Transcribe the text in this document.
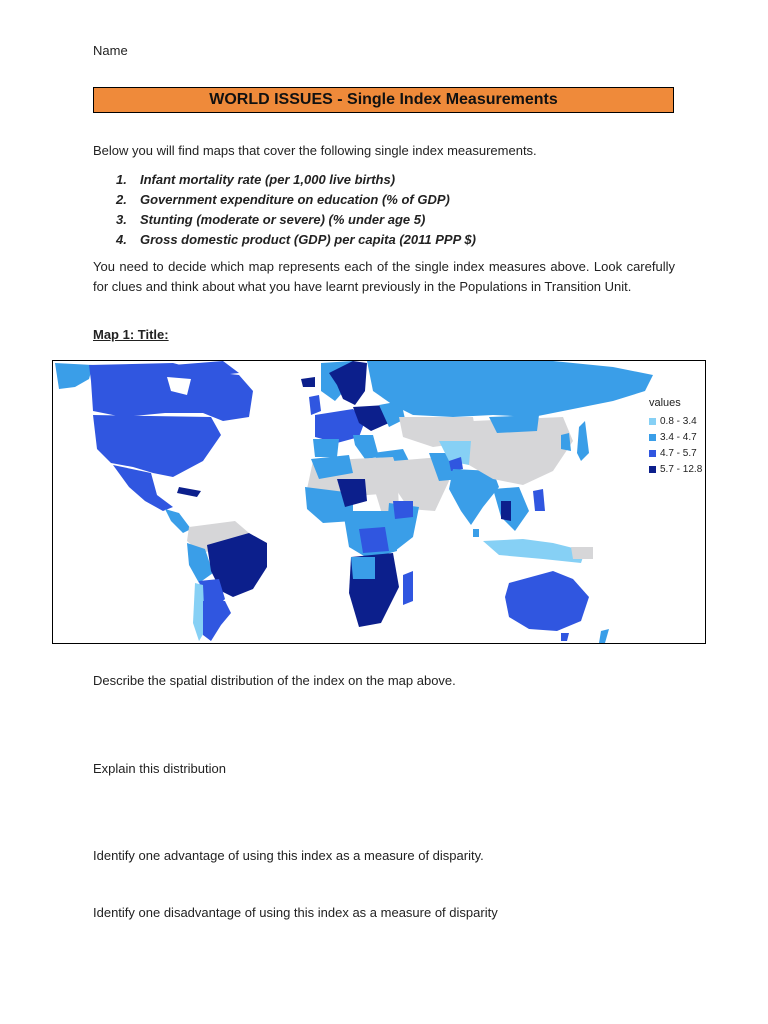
Name
WORLD ISSUES - Single Index Measurements
Below you will find maps that cover the following single index measurements.
1.	Infant mortality rate (per 1,000 live births)
2.	Government expenditure on education (% of GDP)
3.	Stunting (moderate or severe) (% under age 5)
4.	Gross domestic product (GDP) per capita (2011 PPP $)
You need to decide which map represents each of the single index measures above. Look carefully for clues and think about what you have learnt previously in the Populations in Transition Unit.
Map 1: Title:
values
0.8 - 3.4
3.4 - 4.7
4.7 - 5.7
5.7 - 12.8
Describe the spatial distribution of the index on the map above.
Explain this distribution
Identify one advantage of using this index as a measure of disparity.
Identify one disadvantage of using this index as a measure of disparity
